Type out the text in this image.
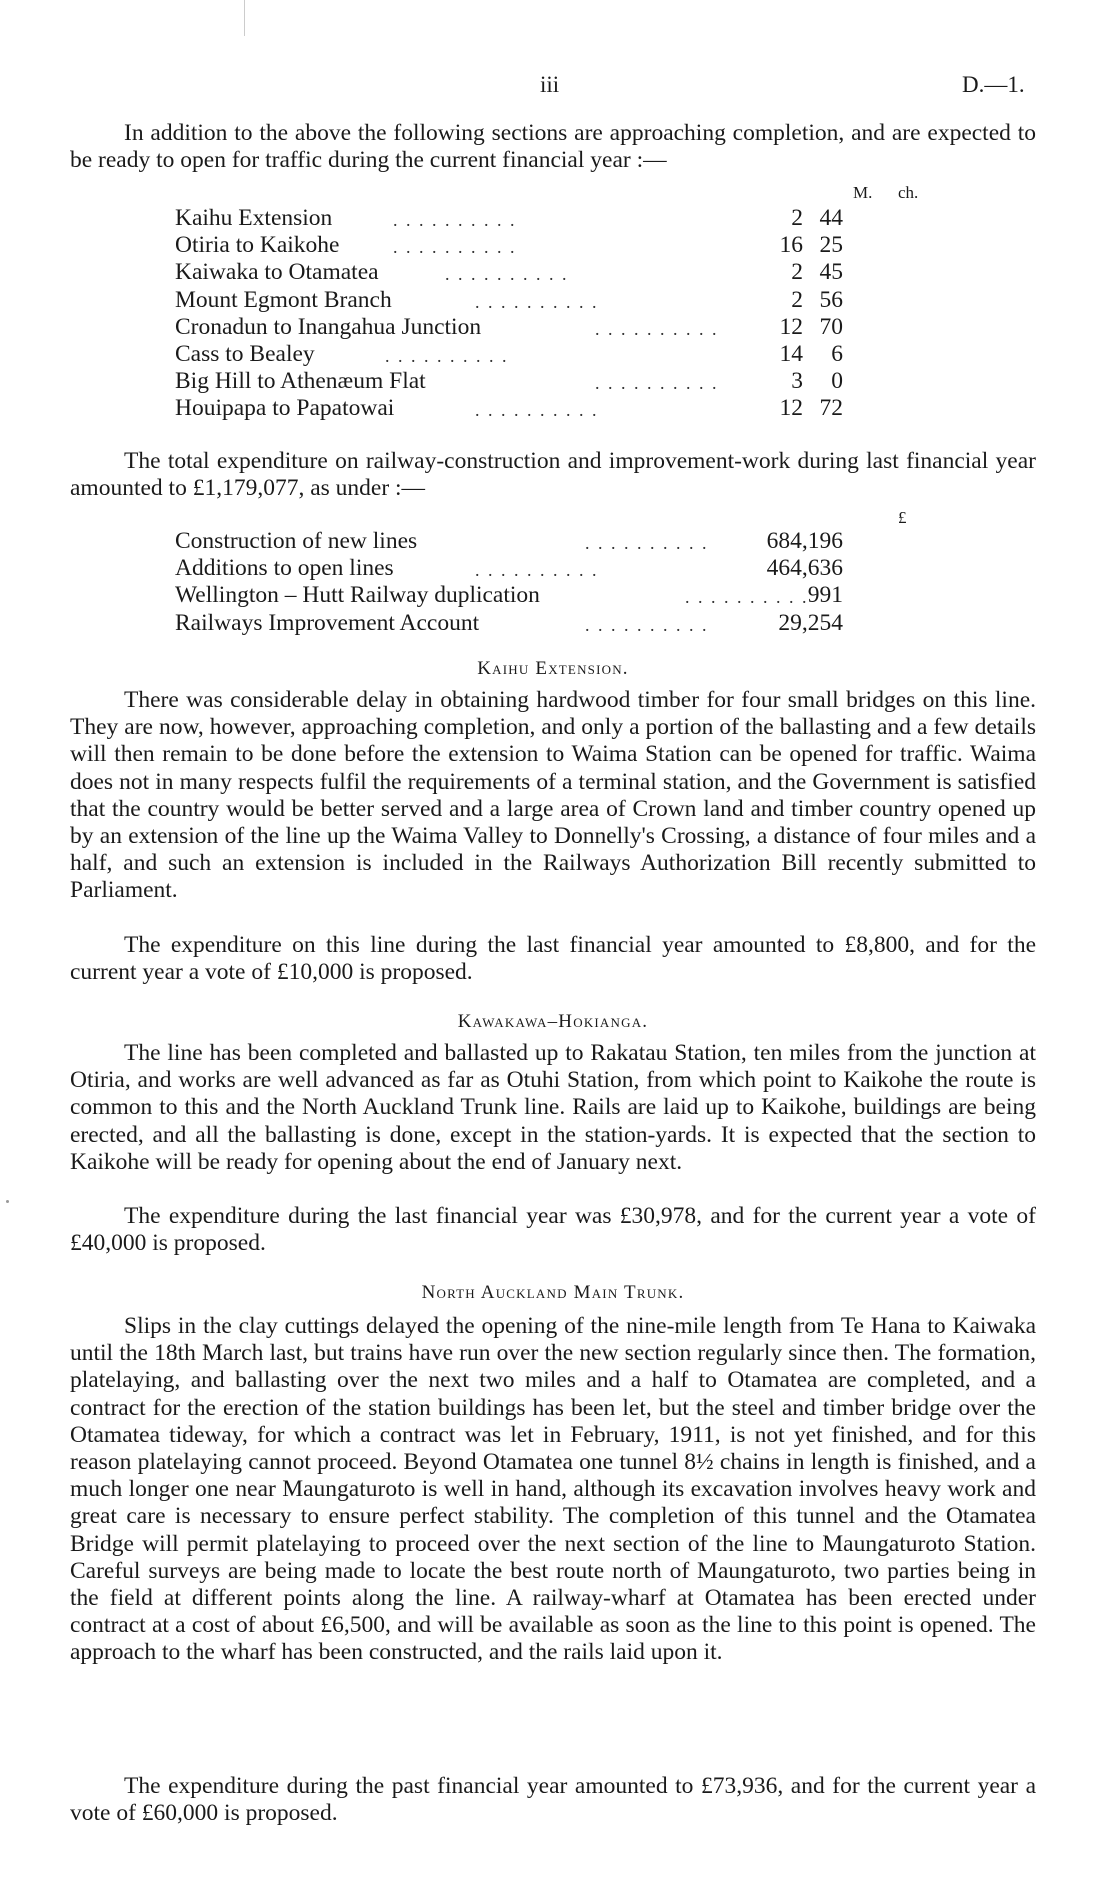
iii	D.—1.

In addition to the above the following sections are approaching completion, and are expected to be ready to open for traffic during the current financial year :—

M. ch.
Kaihu Extension	. . . . . . . . . .	2 44
Otiria to Kaikohe	. . . . . . . . . .	16 25
Kaiwaka to Otamatea	. . . . . . . . . .	2 45
Mount Egmont Branch	. . . . . . . . . .	2 56
Cronadun to Inangahua Junction	. . . . . . . . . .	12 70
Cass to Bealey	. . . . . . . . . .	14 6
Big Hill to Athenæum Flat	. . . . . . . . . .	3 0
Houipapa to Papatowai	. . . . . . . . . .	12 72

The total expenditure on railway-construction and improvement-work during last financial year amounted to £1,179,077, as under :—

£
Construction of new lines	. . . . . . . . . . 684,196
Additions to open lines	. . . . . . . . . .	464,636
Wellington – Hutt Railway duplication	. . . . . . . . . . 991
Railways Improvement Account	. . . . . . . . . .	29,254

Kaihu Extension.

There was considerable delay in obtaining hardwood timber for four small bridges on this line. They are now, however, approaching completion, and only a portion of the ballasting and a few details will then remain to be done before the extension to Waima Station can be opened for traffic. Waima does not in many respects fulfil the requirements of a terminal station, and the Government is satisfied that the country would be better served and a large area of Crown land and timber country opened up by an extension of the line up the Waima Valley to Donnelly's Crossing, a distance of four miles and a half, and such an extension is included in the Railways Authorization Bill recently submitted to Parliament.

The expenditure on this line during the last financial year amounted to £8,800, and for the current year a vote of £10,000 is proposed.

Kawakawa–Hokianga.

The line has been completed and ballasted up to Rakatau Station, ten miles from the junction at Otiria, and works are well advanced as far as Otuhi Station, from which point to Kaikohe the route is common to this and the North Auckland Trunk line. Rails are laid up to Kaikohe, buildings are being erected, and all the ballasting is done, except in the station-yards. It is expected that the section to Kaikohe will be ready for opening about the end of January next.

The expenditure during the last financial year was £30,978, and for the current year a vote of £40,000 is proposed.

North Auckland Main Trunk.

Slips in the clay cuttings delayed the opening of the nine-mile length from Te Hana to Kaiwaka until the 18th March last, but trains have run over the new section regularly since then. The formation, platelaying, and ballasting over the next two miles and a half to Otamatea are completed, and a contract for the erection of the station buildings has been let, but the steel and timber bridge over the Otamatea tideway, for which a contract was let in February, 1911, is not yet finished, and for this reason platelaying cannot proceed. Beyond Otamatea one tunnel 8½ chains in length is finished, and a much longer one near Maungaturoto is well in hand, although its excavation involves heavy work and great care is necessary to ensure perfect stability. The completion of this tunnel and the Otamatea Bridge will permit platelaying to proceed over the next section of the line to Maungaturoto Station. Careful surveys are being made to locate the best route north of Maungaturoto, two parties being in the field at different points along the line. A railway-wharf at Otamatea has been erected under contract at a cost of about £6,500, and will be available as soon as the line to this point is opened. The approach to the wharf has been constructed, and the rails laid upon it.

The expenditure during the past financial year amounted to £73,936, and for the current year a vote of £60,000 is proposed.
